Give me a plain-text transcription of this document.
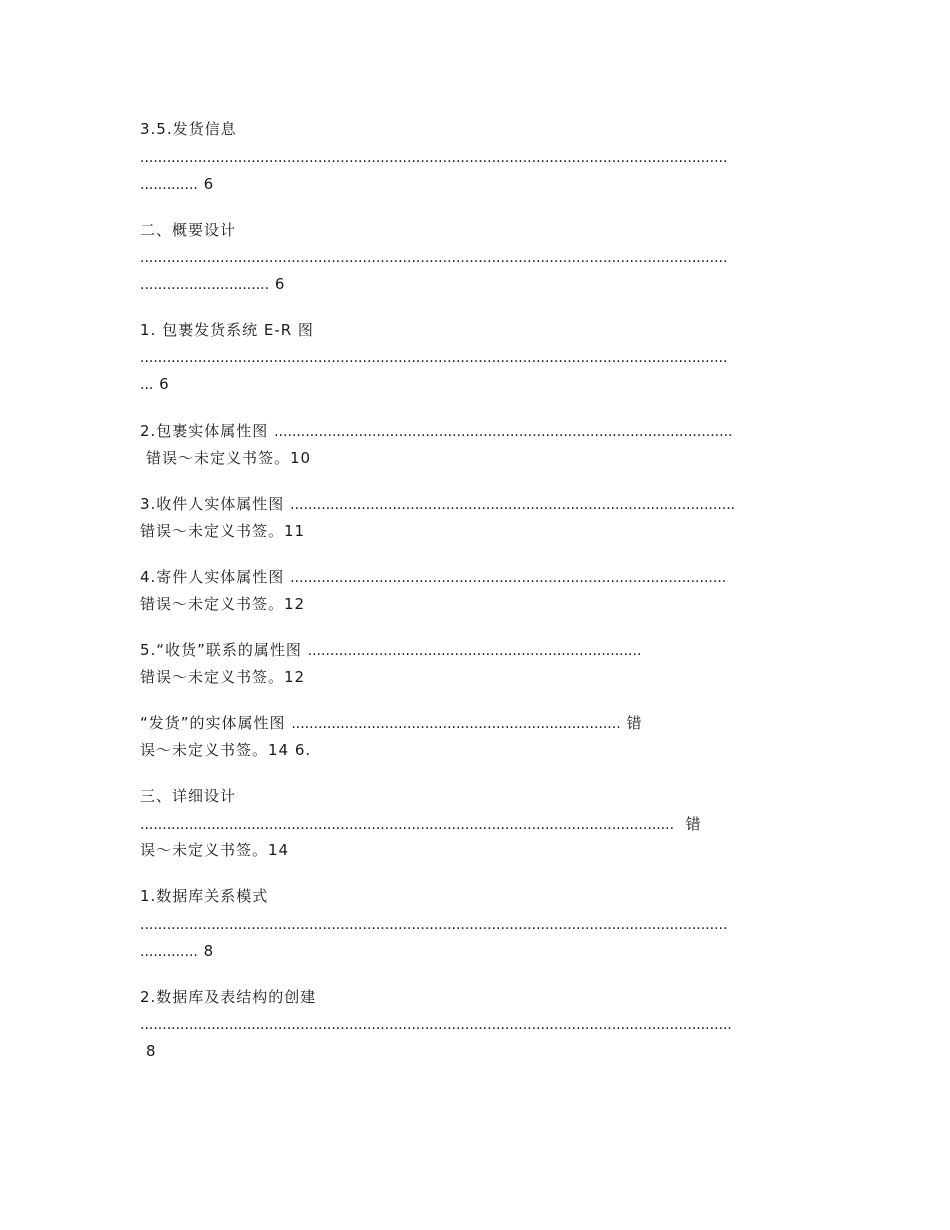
3.5.发货信息

....................................................................................................................................

............. 6

二、概要设计

....................................................................................................................................

............................. 6

1. 包裹发货系统 E-R 图

....................................................................................................................................

... 6

2.包裹实体属性图 .......................................................................................................

错误～未定义书签。10

3.收件人实体属性图 ....................................................................................................

错误～未定义书签。11

4.寄件人实体属性图 ..................................................................................................

错误～未定义书签。12

5.“收货”联系的属性图 ...........................................................................

错误～未定义书签。12

“发货”的实体属性图 .......................................................................... 错

误～未定义书签。14 6.

三、详细设计

........................................................................................................................ 错

误～未定义书签。14

1.数据库关系模式

....................................................................................................................................

............. 8

2.数据库及表结构的创建

.....................................................................................................................................

8
